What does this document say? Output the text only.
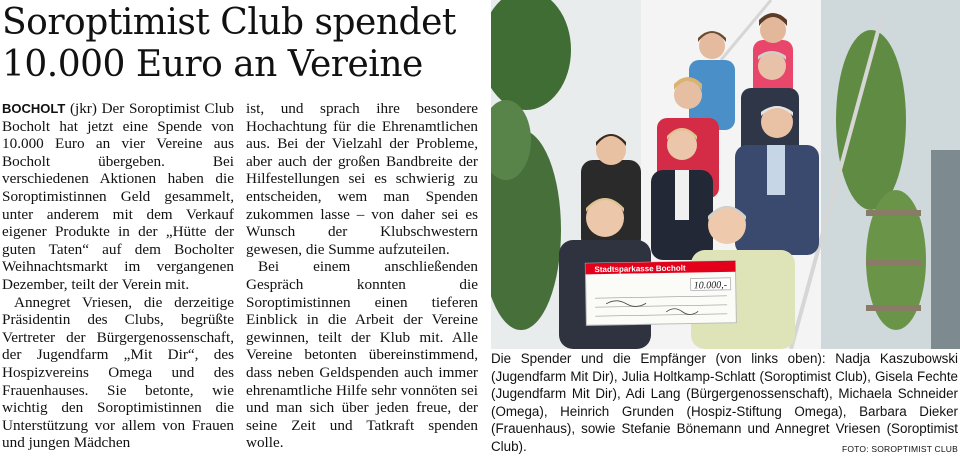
Soroptimist Club spendet
10.000 Euro an Vereine

BOCHOLT (jkr) Der Soroptimist Club Bocholt hat jetzt eine Spende von 10.000 Euro an vier Vereine aus Bocholt übergeben. Bei verschiedenen Aktionen haben die Soroptimistinnen Geld gesammelt, unter anderem mit dem Verkauf eigener Produkte in der „Hütte der guten Taten“ auf dem Bocholter Weihnachtsmarkt im vergangenen Dezember, teilt der Verein mit.

Annegret Vriesen, die derzeitige Präsidentin des Clubs, begrüßte Vertreter der Bürgergenossenschaft, der Jugendfarm „Mit Dir“, des Hospizvereins Omega und des Frauenhauses. Sie betonte, wie wichtig den Soroptimistinnen die Unterstützung vor allem von Frauen und jungen Mädchen

ist, und sprach ihre besondere Hochachtung für die Ehrenamtlichen aus. Bei der Vielzahl der Probleme, aber auch der großen Bandbreite der Hilfestellungen sei es schwierig zu entscheiden, wem man Spenden zukommen lasse – von daher sei es Wunsch der Klubschwestern gewesen, die Summe aufzuteilen.

Bei einem anschließenden Gespräch konnten die Soroptimistinnen einen tieferen Einblick in die Arbeit der Vereine gewinnen, teilt der Klub mit. Alle Vereine betonten übereinstimmend, dass neben Geldspenden auch immer ehrenamtliche Hilfe sehr vonnöten sei und man sich über jeden freue, der seine Zeit und Tatkraft spenden wolle.

Stadtsparkasse Bocholt
10.000,-
Die Spender und die Empfänger (von links oben): Nadja Kaszubowski (Jugendfarm Mit Dir), Julia Holtkamp-Schlatt (Soroptimist Club), Gisela Fechte (Jugendfarm Mit Dir), Adi Lang (Bürgergenossenschaft), Michaela Schneider (Omega), Heinrich Grunden (Hospiz-Stiftung Omega), Barbara Dieker (Frauenhaus), sowie Stefanie Bönemann und Annegret Vriesen (Soroptimist Club).	FOTO: SOROPTIMIST CLUB
